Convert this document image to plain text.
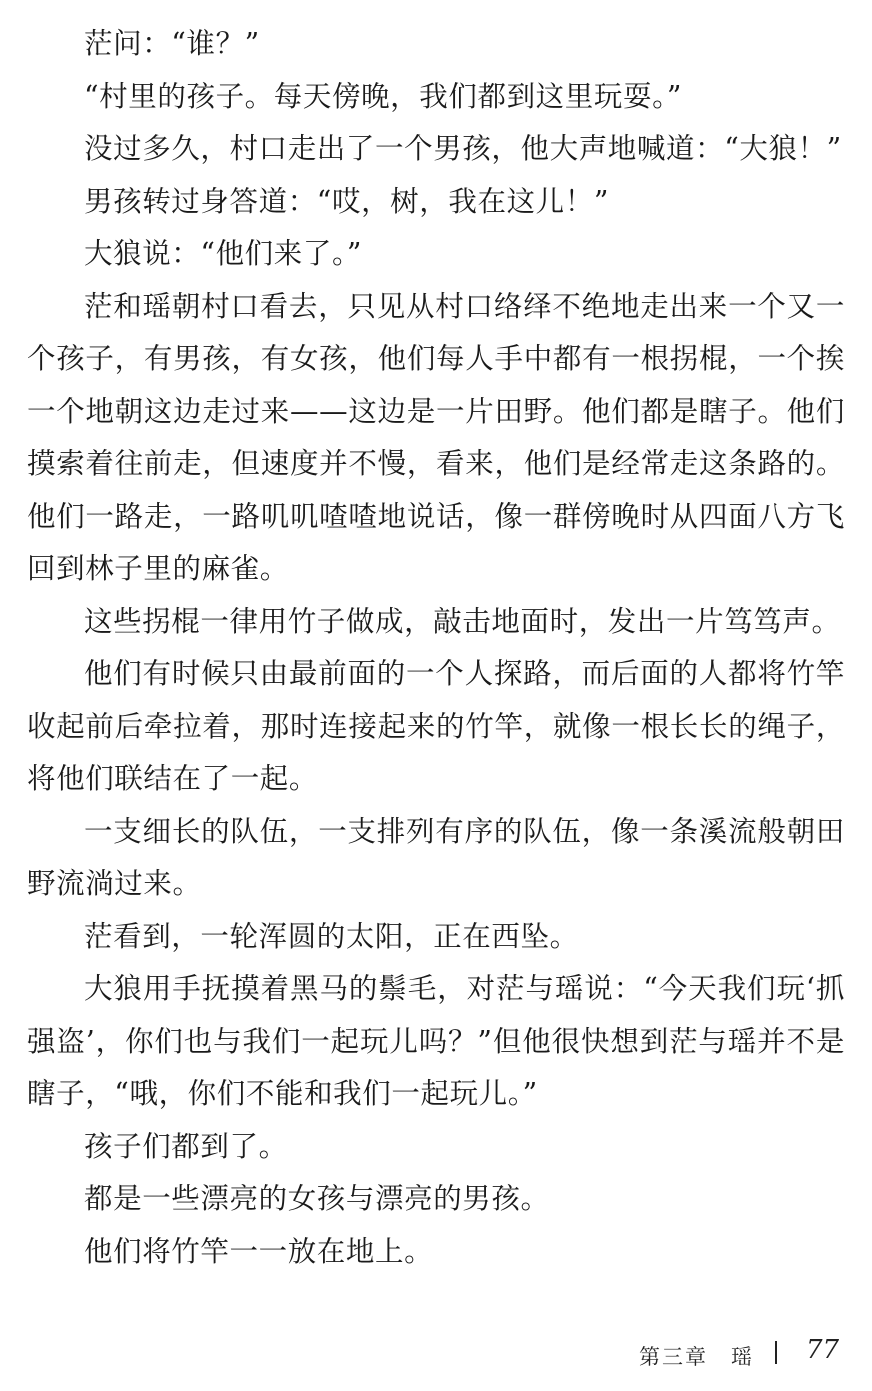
茫问：“谁？”

“村里的孩子。每天傍晚，我们都到这里玩耍。”

没过多久，村口走出了一个男孩，他大声地喊道：“大狼！”

男孩转过身答道：“哎，树，我在这儿！”

大狼说：“他们来了。”

茫和瑶朝村口看去，只见从村口络绎不绝地走出来一个又一个孩子，有男孩，有女孩，他们每人手中都有一根拐棍，一个挨一个地朝这边走过来——这边是一片田野。他们都是瞎子。他们摸索着往前走，但速度并不慢，看来，他们是经常走这条路的。他们一路走，一路叽叽喳喳地说话，像一群傍晚时从四面八方飞回到林子里的麻雀。

这些拐棍一律用竹子做成，敲击地面时，发出一片笃笃声。

他们有时候只由最前面的一个人探路，而后面的人都将竹竿收起前后牵拉着，那时连接起来的竹竿，就像一根长长的绳子，将他们联结在了一起。

一支细长的队伍，一支排列有序的队伍，像一条溪流般朝田野流淌过来。

茫看到，一轮浑圆的太阳，正在西坠。

大狼用手抚摸着黑马的鬃毛，对茫与瑶说：“今天我们玩‘抓强盗’，你们也与我们一起玩儿吗？”但他很快想到茫与瑶并不是瞎子，“哦，你们不能和我们一起玩儿。”

孩子们都到了。

都是一些漂亮的女孩与漂亮的男孩。

他们将竹竿一一放在地上。

第三章　瑶 77
